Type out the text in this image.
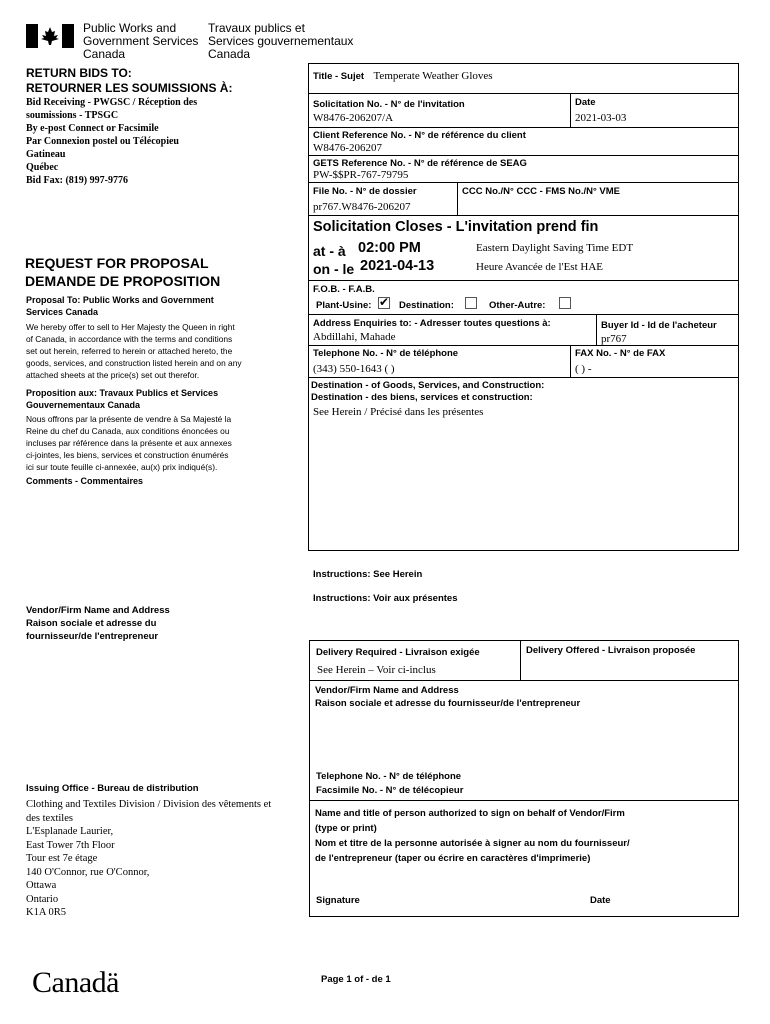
Public Works and
Government Services
Canada
Travaux publics et
Services gouvernementaux
Canada
RETURN BIDS TO:
RETOURNER LES SOUMISSIONS À:
Bid Receiving - PWGSC / Réception des
soumissions - TPSGC
By e-post Connect or Facsimile
Par Connexion postel ou Télécopieu
Gatineau
Québec
Bid Fax: (819) 997-9776
REQUEST FOR PROPOSAL
DEMANDE DE PROPOSITION
Proposal To: Public Works and Government
Services Canada
We hereby offer to sell to Her Majesty the Queen in right
of Canada, in accordance with the terms and conditions
set out herein, referred to herein or attached hereto, the
goods, services, and construction listed herein and on any
attached sheets at the price(s) set out therefor.
Proposition aux: Travaux Publics et Services
Gouvernementaux Canada
Nous offrons par la présente de vendre à Sa Majesté la
Reine du chef du Canada, aux conditions énoncées ou
incluses par référence dans la présente et aux annexes
ci-jointes, les biens, services et construction énumérés
ici sur toute feuille ci-annexée, au(x) prix indiqué(s).
Comments - Commentaires
Vendor/Firm Name and Address
Raison sociale et adresse du
fournisseur/de l'entrepreneur
Issuing Office - Bureau de distribution
Clothing and Textiles Division / Division des vêtements et
des textiles
L'Esplanade Laurier,
East Tower 7th Floor
Tour est 7e étage
140 O'Connor, rue O'Connor,
Ottawa
Ontario
K1A 0R5
Title - Sujet Temperate Weather Gloves
Solicitation No. - N° de l'invitation
W8476-206207/A
Date
2021-03-03
Client Reference No. - N° de référence du client
W8476-206207
GETS Reference No. - N° de référence de SEAG
PW-$$PR-767-79795
File No. - N° de dossier
pr767.W8476-206207
CCC No./N° CCC - FMS No./N° VME
Solicitation Closes - L'invitation prend fin
at - à 02:00 PM
on - le 2021-04-13
Eastern Daylight Saving Time EDT
Heure Avancée de l'Est HAE
F.O.B. - F.A.B.
Plant-Usine: ✔ Destination:	Other-Autre:
Address Enquiries to: - Adresser toutes questions à:
Abdillahi, Mahade
Buyer Id - Id de l'acheteur
pr767
Telephone No. - N° de téléphone
(343) 550-1643 ( )
FAX No. - N° de FAX
( ) -
Destination - of Goods, Services, and Construction:
Destination - des biens, services et construction:
See Herein / Précisé dans les présentes
Instructions: See Herein
Instructions: Voir aux présentes
Delivery Required - Livraison exigée
See Herein – Voir ci-inclus
Delivery Offered - Livraison proposée
Vendor/Firm Name and Address
Raison sociale et adresse du fournisseur/de l'entrepreneur
Telephone No. - N° de téléphone
Facsimile No. - N° de télécopieur
Name and title of person authorized to sign on behalf of Vendor/Firm
(type or print)
Nom et titre de la personne autorisée à signer au nom du fournisseur/
de l'entrepreneur (taper ou écrire en caractères d'imprimerie)
Signature	Date
Canadä	Page 1 of - de 1
